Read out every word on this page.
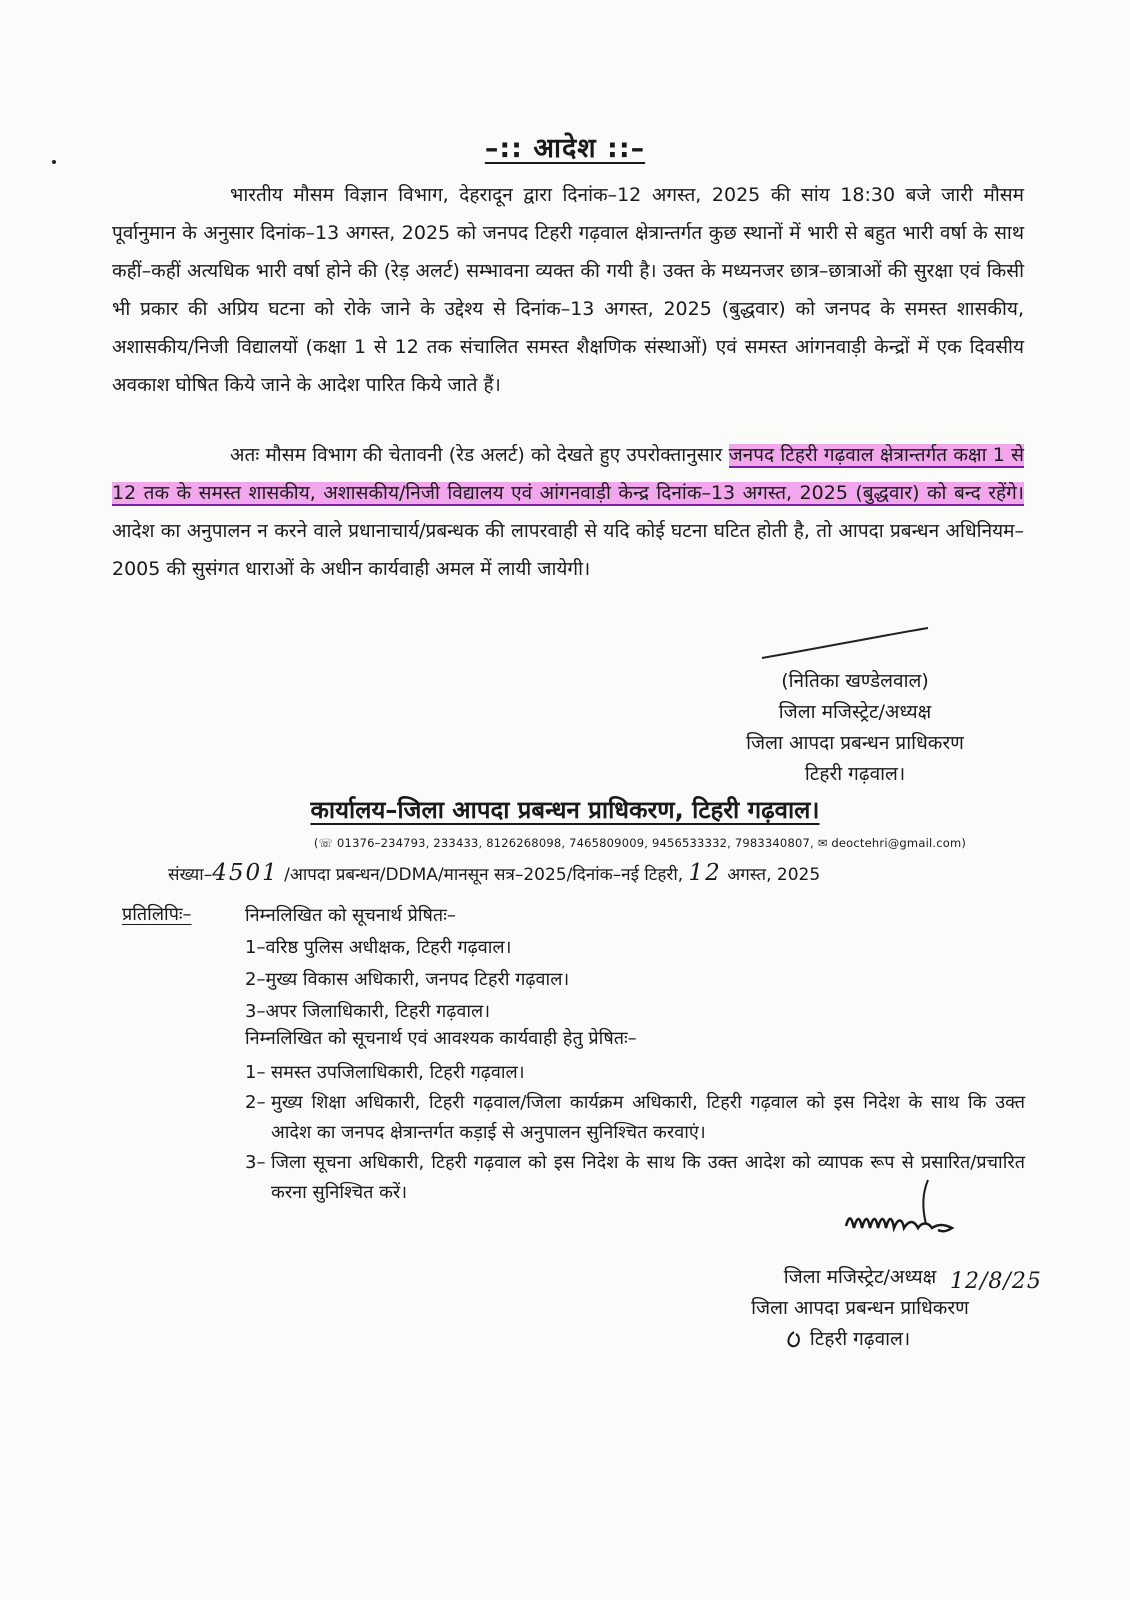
–:: आदेश ::–
भारतीय मौसम विज्ञान विभाग, देहरादून द्वारा दिनांक–12 अगस्त, 2025 की सांय 18:30 बजे जारी मौसम पूर्वानुमान के अनुसार दिनांक–13 अगस्त, 2025 को जनपद टिहरी गढ़वाल क्षेत्रान्तर्गत कुछ स्थानों में भारी से बहुत भारी वर्षा के साथ कहीं–कहीं अत्यधिक भारी वर्षा होने की (रेड़ अलर्ट) सम्भावना व्यक्त की गयी है। उक्त के मध्यनजर छात्र–छात्राओं की सुरक्षा एवं किसी भी प्रकार की अप्रिय घटना को रोके जाने के उद्देश्य से दिनांक–13 अगस्त, 2025 (बुद्धवार) को जनपद के समस्त शासकीय, अशासकीय/निजी विद्यालयों (कक्षा 1 से 12 तक संचालित समस्त शैक्षणिक संस्थाओं) एवं समस्त आंगनवाड़ी केन्द्रों में एक दिवसीय अवकाश घोषित किये जाने के आदेश पारित किये जाते हैं।
अतः मौसम विभाग की चेतावनी (रेड अलर्ट) को देखते हुए उपरोक्तानुसार जनपद टिहरी गढ़वाल क्षेत्रान्तर्गत कक्षा 1 से 12 तक के समस्त शासकीय, अशासकीय/निजी विद्यालय एवं आंगनवाड़ी केन्द्र दिनांक–13 अगस्त, 2025 (बुद्धवार) को बन्द रहेंगे। आदेश का अनुपालन न करने वाले प्रधानाचार्य/प्रबन्धक की लापरवाही से यदि कोई घटना घटित होती है, तो आपदा प्रबन्धन अधिनियम–2005 की सुसंगत धाराओं के अधीन कार्यवाही अमल में लायी जायेगी।
(नितिका खण्डेलवाल)
जिला मजिस्ट्रेट/अध्यक्ष
जिला आपदा प्रबन्धन प्राधिकरण
टिहरी गढ़वाल।
कार्यालय–जिला आपदा प्रबन्धन प्राधिकरण, टिहरी गढ़वाल।
(☏ 01376–234793, 233433, 8126268098, 7465809009, 9456533332, 7983340807, ✉ deoctehri@gmail.com)
संख्या–4501 /आपदा प्रबन्धन/DDMA/मानसून सत्र–2025/दिनांक–नई टिहरी, 12 अगस्त, 2025
प्रतिलिपिः–	निम्नलिखित को सूचनार्थ प्रेषितः–
1–वरिष्ठ पुलिस अधीक्षक, टिहरी गढ़वाल।
2–मुख्य विकास अधिकारी, जनपद टिहरी गढ़वाल।
3–अपर जिलाधिकारी, टिहरी गढ़वाल।
निम्नलिखित को सूचनार्थ एवं आवश्यक कार्यवाही हेतु प्रेषितः–
1– समस्त उपजिलाधिकारी, टिहरी गढ़वाल।
2– मुख्य शिक्षा अधिकारी, टिहरी गढ़वाल/जिला कार्यक्रम अधिकारी, टिहरी गढ़वाल को इस निदेश के साथ कि उक्त आदेश का जनपद क्षेत्रान्तर्गत कड़ाई से अनुपालन सुनिश्चित करवाएं।
3– जिला सूचना अधिकारी, टिहरी गढ़वाल को इस निदेश के साथ कि उक्त आदेश को व्यापक रूप से प्रसारित/प्रचारित करना सुनिश्चित करें।
जिला मजिस्ट्रेट/अध्यक्ष 12/8/25
जिला आपदा प्रबन्धन प्राधिकरण
टिहरी गढ़वाल।
